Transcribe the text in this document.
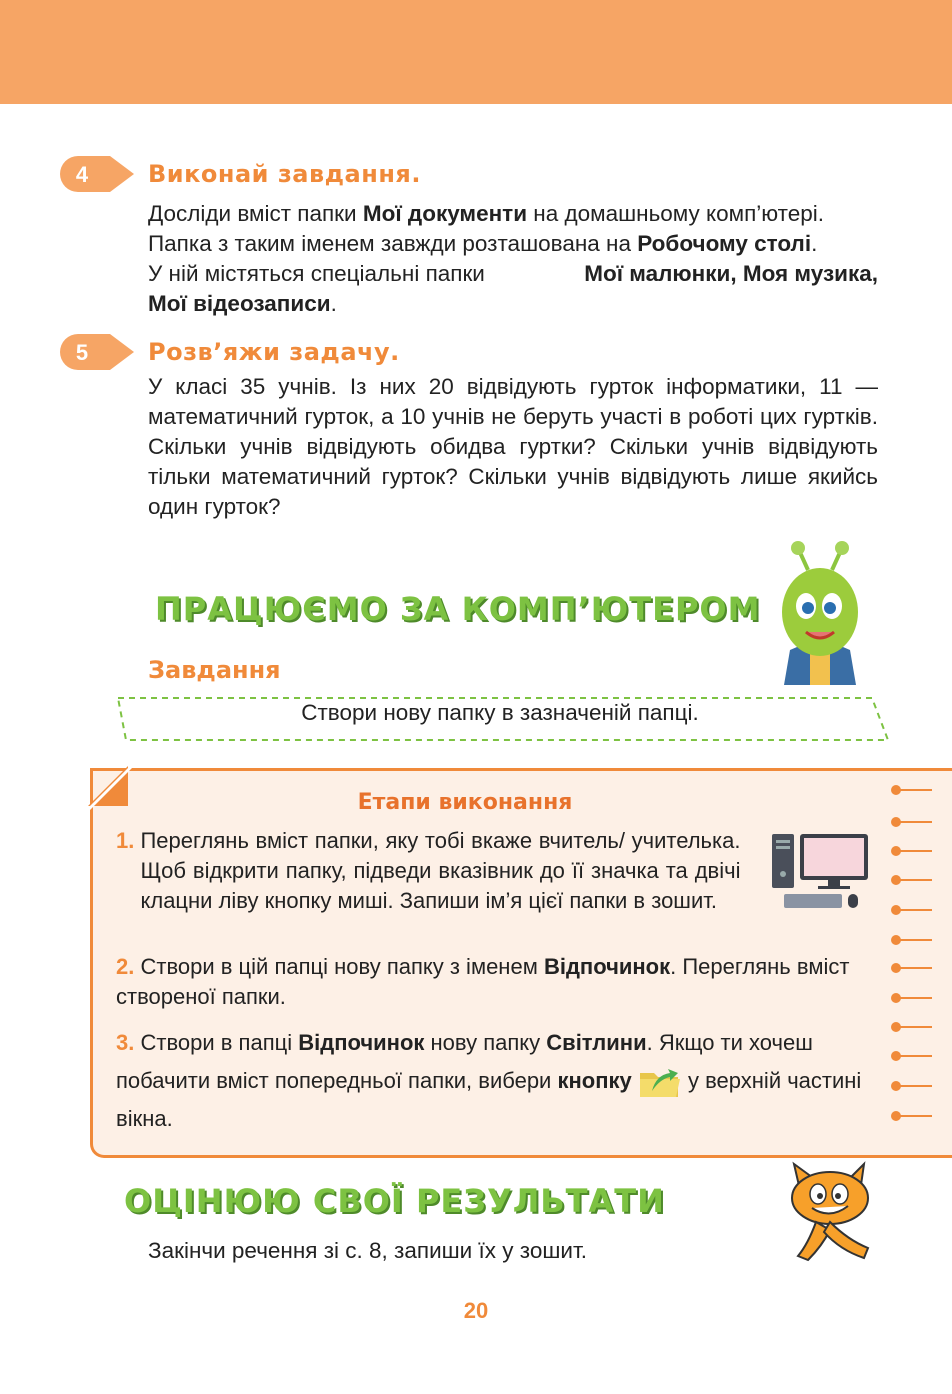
4 Виконай завдання.
Досліди вміст папки Мої документи на домашньому комп’ютері.
Папка з таким іменем завжди розташована на Робочому столі.
У ній містяться спеціальні папки	Мої малюнки, Моя музика,
Мої відеозаписи.
5 Розв’яжи задачу.

У класі 35 учнів. Із них 20 відвідують гурток інформатики, 11 — математичний гурток, а 10 учнів не беруть участі в роботі цих гуртків. Скільки учнів відвідують обидва гуртки? Скільки учнів відвідують тільки математичний гурток? Скільки учнів відвідують лише якийсь один гурток?

ПРАЦЮЄМО ЗА КОМП’ЮТЕРОМ
Завдання
Створи нову папку в зазначеній папці.
Етапи виконання
1. Переглянь вміст папки, яку тобі вкаже вчитель/ учителька. Щоб відкрити папку, підведи вказівник до її значка та двічі клацни ліву кнопку миші. Запиши ім’я цієї папки в зошит.
2. Створи в цій папці нову папку з іменем Відпочинок. Переглянь вміст створеної папки.
3. Створи в папці Відпочинок нову папку Світлини. Якщо ти хочеш побачити вміст попередньої папки, вибери кнопку	у верхній частині вікна.
ОЦІНЮЮ СВОЇ РЕЗУЛЬТАТИ
Закінчи речення зі с. 8, запиши їх у зошит.
20
